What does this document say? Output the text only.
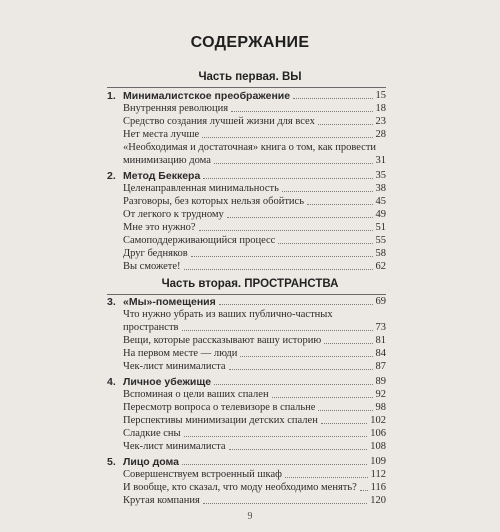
СОДЕРЖАНИЕ
Часть первая. ВЫ
1. Минималистское преображение	15
Внутренняя революция	18
Средство создания лучшей жизни для всех	23
Нет места лучше	28
«Необходимая и достаточная» книга о том, как провести
минимизацию дома	31
2. Метод Беккера	35
Целенаправленная минимальность	38
Разговоры, без которых нельзя обойтись	45
От легкого к трудному	49
Мне это нужно?	51
Самоподдерживающийся процесс	55
Друг бедняков	58
Вы сможете!	62
Часть вторая. ПРОСТРАНСТВА
3. «Мы»-помещения	69
Что нужно убрать из ваших публично-частных
пространств	73
Вещи, которые рассказывают вашу историю	81
На первом месте — люди	84
Чек-лист минималиста	87
4. Личное убежище	89
Вспоминая о цели ваших спален	92
Пересмотр вопроса о телевизоре в спальне	98
Перспективы минимизации детских спален	102
Сладкие сны	106
Чек-лист минималиста	108
5. Лицо дома	109
Совершенствуем встроенный шкаф	112
И вообще, кто сказал, что моду необходимо менять? 116
Крутая компания	120
9
